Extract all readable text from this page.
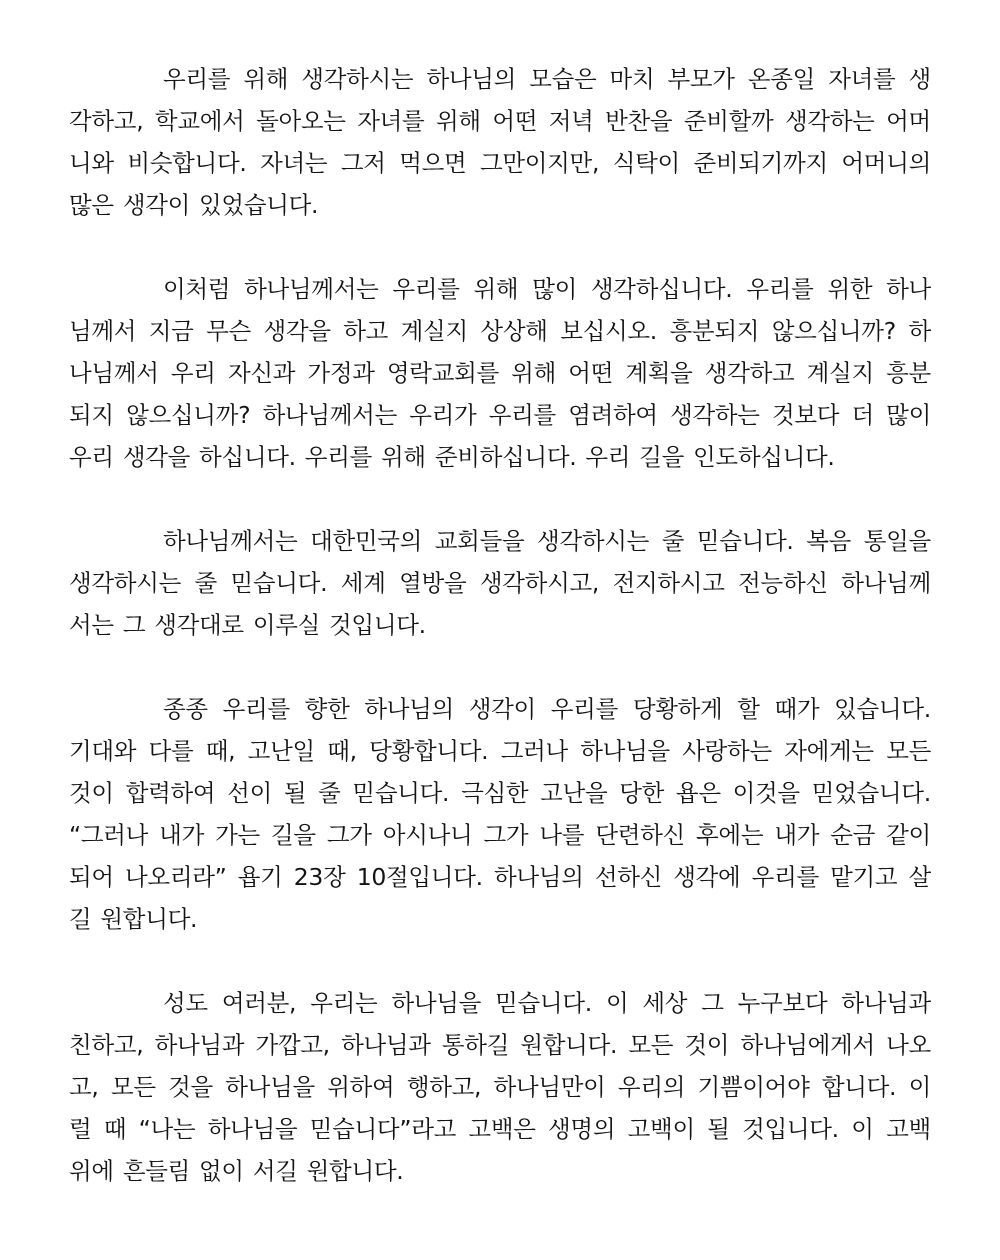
우리를 위해 생각하시는 하나님의 모습은 마치 부모가 온종일 자녀를 생
각하고, 학교에서 돌아오는 자녀를 위해 어떤 저녁 반찬을 준비할까 생각하는 어머
니와 비슷합니다. 자녀는 그저 먹으면 그만이지만, 식탁이 준비되기까지 어머니의
많은 생각이 있었습니다.
이처럼 하나님께서는 우리를 위해 많이 생각하십니다. 우리를 위한 하나
님께서 지금 무슨 생각을 하고 계실지 상상해 보십시오. 흥분되지 않으십니까? 하
나님께서 우리 자신과 가정과 영락교회를 위해 어떤 계획을 생각하고 계실지 흥분
되지 않으십니까? 하나님께서는 우리가 우리를 염려하여 생각하는 것보다 더 많이
우리 생각을 하십니다. 우리를 위해 준비하십니다. 우리 길을 인도하십니다.
하나님께서는 대한민국의 교회들을 생각하시는 줄 믿습니다. 복음 통일을
생각하시는 줄 믿습니다. 세계 열방을 생각하시고, 전지하시고 전능하신 하나님께
서는 그 생각대로 이루실 것입니다.
종종 우리를 향한 하나님의 생각이 우리를 당황하게 할 때가 있습니다.
기대와 다를 때, 고난일 때, 당황합니다. 그러나 하나님을 사랑하는 자에게는 모든
것이 합력하여 선이 될 줄 믿습니다. 극심한 고난을 당한 욥은 이것을 믿었습니다.
“그러나 내가 가는 길을 그가 아시나니 그가 나를 단련하신 후에는 내가 순금 같이
되어 나오리라” 욥기 23장 10절입니다. 하나님의 선하신 생각에 우리를 맡기고 살
길 원합니다.
성도 여러분, 우리는 하나님을 믿습니다. 이 세상 그 누구보다 하나님과
친하고, 하나님과 가깝고, 하나님과 통하길 원합니다. 모든 것이 하나님에게서 나오
고, 모든 것을 하나님을 위하여 행하고, 하나님만이 우리의 기쁨이어야 합니다. 이
럴 때 “나는 하나님을 믿습니다”라고 고백은 생명의 고백이 될 것입니다. 이 고백
위에 흔들림 없이 서길 원합니다.
